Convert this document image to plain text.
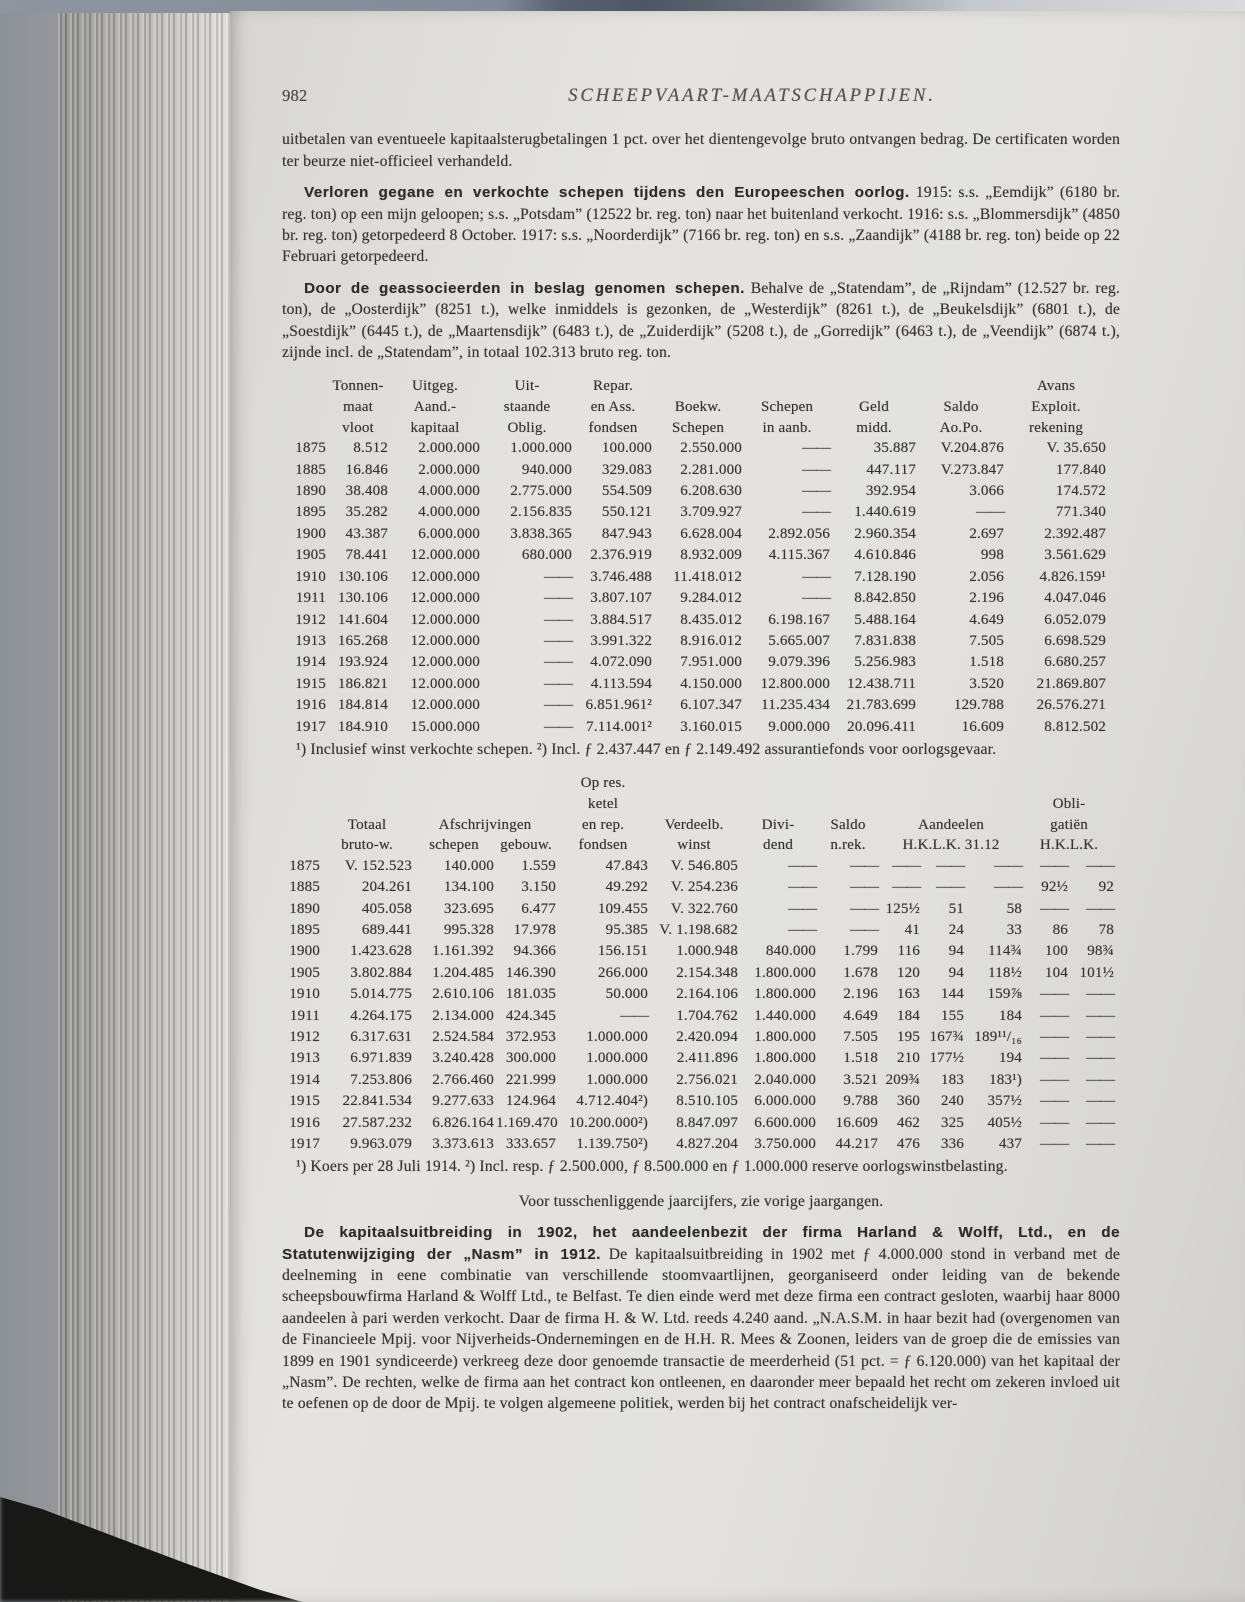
982	SCHEEPVAART-MAATSCHAPPIJEN.

uitbetalen van eventueele kapitaalsterugbetalingen 1 pct. over het dientengevolge bruto ontvangen bedrag. De certificaten worden ter beurze niet-officieel verhandeld.

Verloren gegane en verkochte schepen tijdens den Europeeschen oorlog. 1915: s.s. „Eemdijk” (6180 br. reg. ton) op een mijn geloopen; s.s. „Potsdam” (12522 br. reg. ton) naar het buitenland verkocht. 1916: s.s. „Blommersdijk” (4850 br. reg. ton) getorpedeerd 8 October. 1917: s.s. „Noorderdijk” (7166 br. reg. ton) en s.s. „Zaandijk” (4188 br. reg. ton) beide op 22 Februari getorpedeerd.

Door de geassocieerden in beslag genomen schepen. Behalve de „Statendam”, de „Rijndam” (12.527 br. reg. ton), de „Oosterdijk” (8251 t.), welke inmiddels is gezonken, de „Westerdijk” (8261 t.), de „Beukelsdijk” (6801 t.), de „Soestdijk” (6445 t.), de „Maartensdijk” (6483 t.), de „Zuiderdijk” (5208 t.), de „Gorredijk” (6463 t.), de „Veendijk” (6874 t.), zijnde incl. de „Statendam”, in totaal 102.313 bruto reg. ton.

	Tonnen-	Uitgeg.	Uit-	Repar.					Avans
	maat	Aand.-	staande	en Ass.	Boekw.	Schepen	Geld	Saldo	Exploit.
	vloot	kapitaal	Oblig.	fondsen	Schepen	in aanb.	midd.	Ao.Po.	rekening
1875	8.512	2.000.000	1.000.000	100.000	2.550.000	——	35.887	V.204.876	V. 35.650
1885	16.846	2.000.000	940.000	329.083	2.281.000	——	447.117	V.273.847	177.840
1890	38.408	4.000.000	2.775.000	554.509	6.208.630	——	392.954	3.066	174.572
1895	35.282	4.000.000	2.156.835	550.121	3.709.927	——	1.440.619	——	771.340
1900	43.387	6.000.000	3.838.365	847.943	6.628.004	2.892.056	2.960.354	2.697	2.392.487
1905	78.441	12.000.000	680.000	2.376.919	8.932.009	4.115.367	4.610.846	998	3.561.629
1910	130.106	12.000.000	——	3.746.488	11.418.012	——	7.128.190	2.056	4.826.159¹
1911	130.106	12.000.000	——	3.807.107	9.284.012	——	8.842.850	2.196	4.047.046
1912	141.604	12.000.000	——	3.884.517	8.435.012	6.198.167	5.488.164	4.649	6.052.079
1913	165.268	12.000.000	——	3.991.322	8.916.012	5.665.007	7.831.838	7.505	6.698.529
1914	193.924	12.000.000	——	4.072.090	7.951.000	9.079.396	5.256.983	1.518	6.680.257
1915	186.821	12.000.000	——	4.113.594	4.150.000	12.800.000	12.438.711	3.520	21.869.807
1916	184.814	12.000.000	——	6.851.961²	6.107.347	11.235.434	21.783.699	129.788	26.576.271
1917	184.910	15.000.000	——	7.114.001²	3.160.015	9.000.000	20.096.411	16.609	8.812.502

¹) Inclusief winst verkochte schepen. ²) Incl. ƒ 2.437.447 en ƒ 2.149.492 assurantiefonds voor oorlogsgevaar.

				Op res.								
				ketel							Obli-	
	Totaal	Afschrijvingen		en rep.	Verdeelb.	Divi-	Saldo	Aandeelen			gatiën	
	bruto-w.	schepen	gebouw.	fondsen	winst	dend	n.rek.	H.K.L.K. 31.12			H.K.L.K.	
1875	V. 152.523	140.000	1.559	47.843	V. 546.805	——	——	——	——	——	——	——
1885	204.261	134.100	3.150	49.292	V. 254.236	——	——	——	——	——	92½	92
1890	405.058	323.695	6.477	109.455	V. 322.760	——	——	125½	51	58	——	——
1895	689.441	995.328	17.978	95.385	V. 1.198.682	——	——	41	24	33	86	78
1900	1.423.628	1.161.392	94.366	156.151	1.000.948	840.000	1.799	116	94	114¾	100	98¾
1905	3.802.884	1.204.485	146.390	266.000	2.154.348	1.800.000	1.678	120	94	118½	104	101½
1910	5.014.775	2.610.106	181.035	50.000	2.164.106	1.800.000	2.196	163	144	159⅞	——	——
1911	4.264.175	2.134.000	424.345	——	1.704.762	1.440.000	4.649	184	155	184	——	——
1912	6.317.631	2.524.584	372.953	1.000.000	2.420.094	1.800.000	7.505	195	167¾	189¹¹/₁₆	——	——
1913	6.971.839	3.240.428	300.000	1.000.000	2.411.896	1.800.000	1.518	210	177½	194	——	——
1914	7.253.806	2.766.460	221.999	1.000.000	2.756.021	2.040.000	3.521	209¾	183	183¹)	——	——
1915	22.841.534	9.277.633	124.964	4.712.404²)	8.510.105	6.000.000	9.788	360	240	357½	——	——
1916	27.587.232	6.826.164	1.169.470	10.200.000²)	8.847.097	6.600.000	16.609	462	325	405½	——	——
1917	9.963.079	3.373.613	333.657	1.139.750²)	4.827.204	3.750.000	44.217	476	336	437	——	——

¹) Koers per 28 Juli 1914. ²) Incl. resp. ƒ 2.500.000, ƒ 8.500.000 en ƒ 1.000.000 reserve oorlogswinstbelasting.

Voor tusschenliggende jaarcijfers, zie vorige jaargangen.

De kapitaalsuitbreiding in 1902, het aandeelenbezit der firma Harland & Wolff, Ltd., en de Statutenwijziging der „Nasm” in 1912. De kapitaalsuitbreiding in 1902 met ƒ 4.000.000 stond in verband met de deelneming in eene combinatie van verschillende stoomvaartlijnen, georganiseerd onder leiding van de bekende scheepsbouwfirma Harland & Wolff Ltd., te Belfast. Te dien einde werd met deze firma een contract gesloten, waarbij haar 8000 aandeelen à pari werden verkocht. Daar de firma H. & W. Ltd. reeds 4.240 aand. „N.A.S.M. in haar bezit had (overgenomen van de Financieele Mpij. voor Nijverheids-Ondernemingen en de H.H. R. Mees & Zoonen, leiders van de groep die de emissies van 1899 en 1901 syndiceerde) verkreeg deze door genoemde transactie de meerderheid (51 pct. = ƒ 6.120.000) van het kapitaal der „Nasm”. De rechten, welke de firma aan het contract kon ontleenen, en daaronder meer bepaald het recht om zekeren invloed uit te oefenen op de door de Mpij. te volgen algemeene politiek, werden bij het contract onafscheidelijk ver-
